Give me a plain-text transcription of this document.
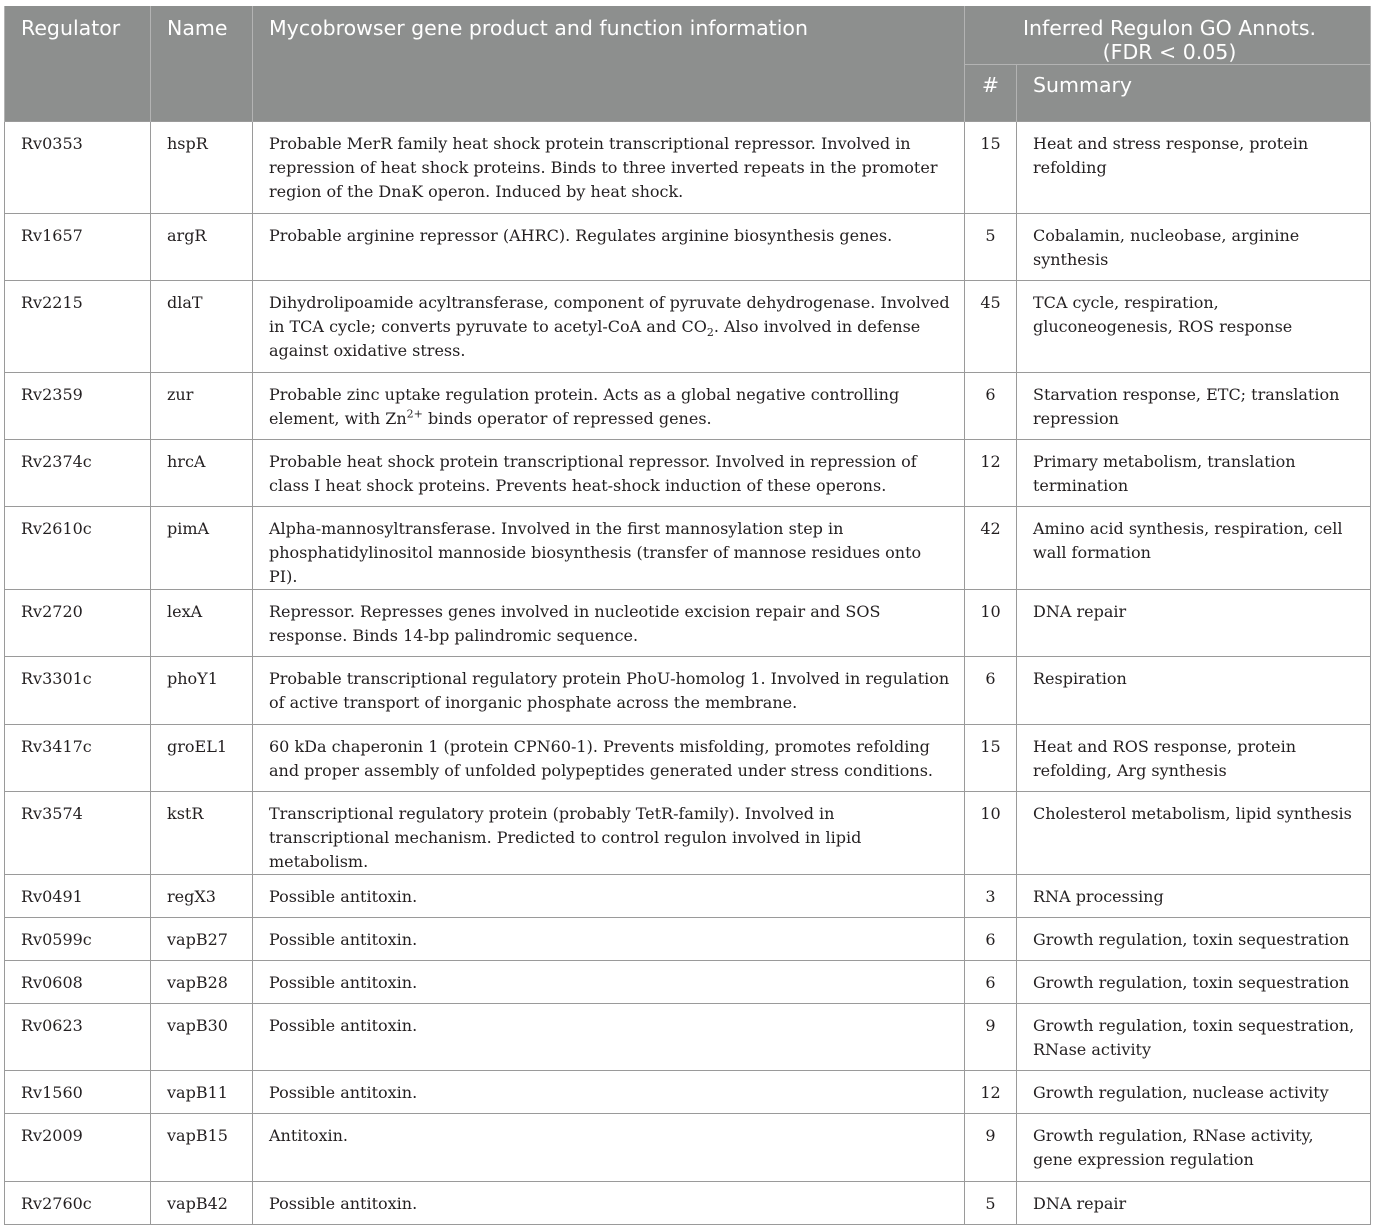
Regulator	Name	Mycobrowser gene product and function information	Inferred Regulon GO Annots.
(FDR < 0.05)	

			#	Summary
Rv0353	hspR	Probable MerR family heat shock protein transcriptional repressor. Involved in repression of heat shock proteins. Binds to three inverted repeats in the promoter region of the DnaK operon. Induced by heat shock.	15	Heat and stress response, protein refolding
Rv1657	argR	Probable arginine repressor (AHRC). Regulates arginine biosynthesis genes.	5	Cobalamin, nucleobase, arginine synthesis
Rv2215	dlaT	Dihydrolipoamide acyltransferase, component of pyruvate dehydrogenase. Involved in TCA cycle; converts pyruvate to acetyl-CoA and $CO_2$. Also involved in defense against oxidative stress.	45	TCA cycle, respiration, gluconeogenesis, ROS response
Rv2359	zur	Probable zinc uptake regulation protein. Acts as a global negative controlling element, with $Zn^{2+}$ binds operator of repressed genes.	6	Starvation response, ETC; translation repression
Rv2374c	hrcA	Probable heat shock protein transcriptional repressor. Involved in repression of class I heat shock proteins. Prevents heat-shock induction of these operons.	12	Primary metabolism, translation termination
Rv2610c	pimA	Alpha-mannosyltransferase. Involved in the first mannosylation step in phosphatidylinositol mannoside biosynthesis (transfer of mannose residues onto PI).	42	Amino acid synthesis, respiration, cell wall formation
Rv2720	lexA	Repressor. Represses genes involved in nucleotide excision repair and SOS response. Binds 14-bp palindromic sequence.	10	DNA repair
Rv3301c	phoY1	Probable transcriptional regulatory protein PhoU-homolog 1. Involved in regulation of active transport of inorganic phosphate across the membrane.	6	Respiration
Rv3417c	groEL1	60 kDa chaperonin 1 (protein CPN60-1). Prevents misfolding, promotes refolding and proper assembly of unfolded polypeptides generated under stress conditions.	15	Heat and ROS response, protein refolding, Arg synthesis
Rv3574	kstR	Transcriptional regulatory protein (probably TetR-family). Involved in transcriptional mechanism. Predicted to control regulon involved in lipid metabolism.	10	Cholesterol metabolism, lipid synthesis
Rv0491	regX3	Possible antitoxin.	3	RNA processing
Rv0599c	vapB27	Possible antitoxin.	6	Growth regulation, toxin sequestration
Rv0608	vapB28	Possible antitoxin.	6	Growth regulation, toxin sequestration
Rv0623	vapB30	Possible antitoxin.	9	Growth regulation, toxin sequestration, RNase activity
Rv1560	vapB11	Possible antitoxin.	12	Growth regulation, nuclease activity
Rv2009	vapB15	Antitoxin.	9	Growth regulation, RNase activity, gene expression regulation
Rv2760c	vapB42	Possible antitoxin.	5	DNA repair
